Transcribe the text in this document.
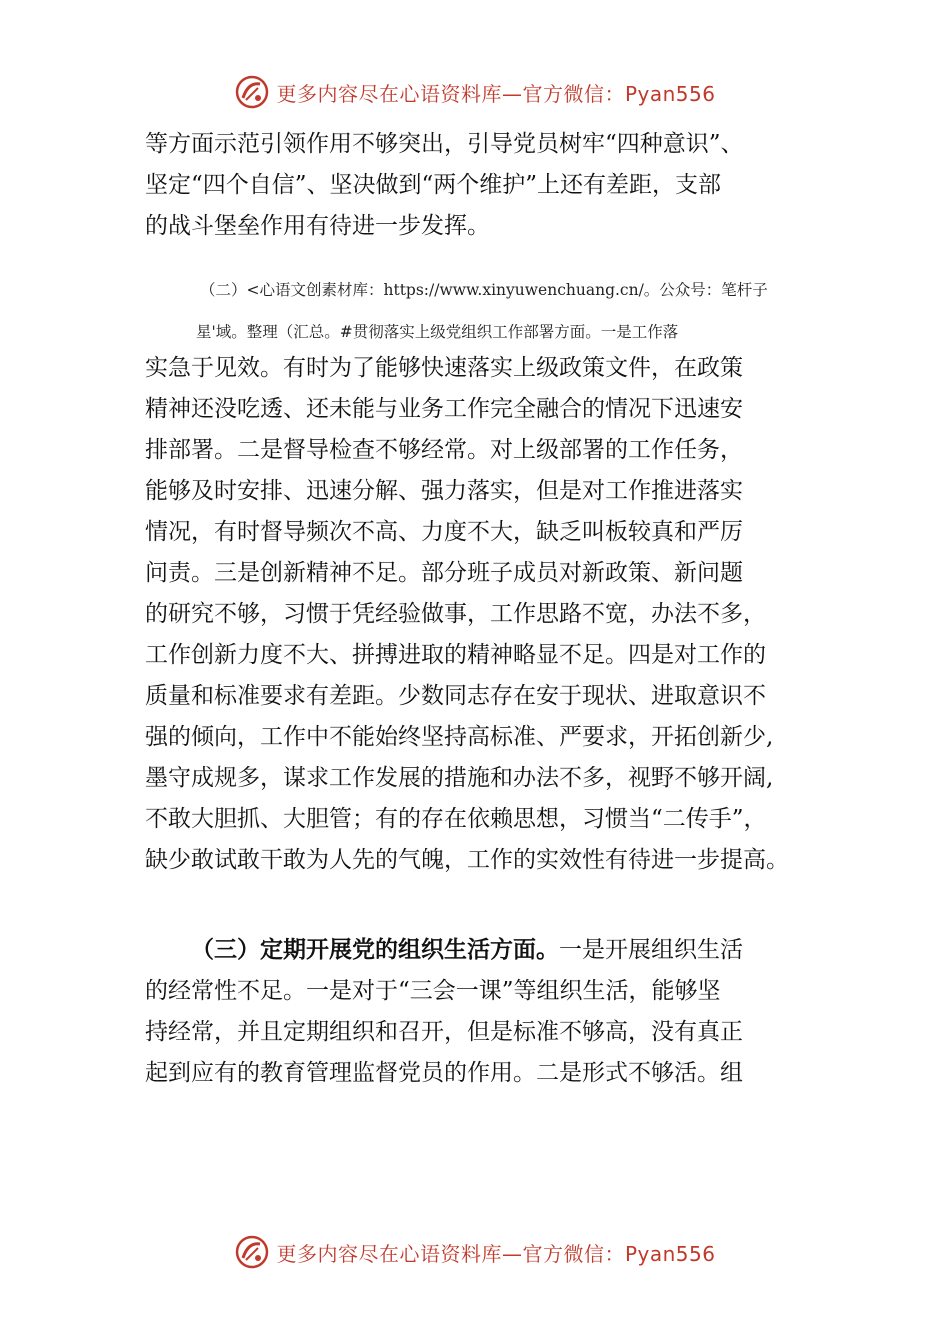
更多内容尽在心语资料库—官方微信：Pyan556
等方面示范引领作用不够突出，引导党员树牢“四种意识”、
坚定“四个自信”、坚决做到“两个维护”上还有差距，支部
的战斗堡垒作用有待进一步发挥。
（二）<心语文创素材库：https://www.xinyuwenchuang.cn/。公众号：笔杆子
星'域。整理（汇总。#贯彻落实上级党组织工作部署方面。一是工作落
实急于见效。有时为了能够快速落实上级政策文件，在政策
精神还没吃透、还未能与业务工作完全融合的情况下迅速安
排部署。二是督导检查不够经常。对上级部署的工作任务，
能够及时安排、迅速分解、强力落实，但是对工作推进落实
情况，有时督导频次不高、力度不大，缺乏叫板较真和严厉
问责。三是创新精神不足。部分班子成员对新政策、新问题
的研究不够，习惯于凭经验做事，工作思路不宽，办法不多，
工作创新力度不大、拼搏进取的精神略显不足。四是对工作的
质量和标准要求有差距。少数同志存在安于现状、进取意识不
强的倾向，工作中不能始终坚持高标准、严要求，开拓创新少,
墨守成规多，谋求工作发展的措施和办法不多，视野不够开阔,
不敢大胆抓、大胆管；有的存在依赖思想，习惯当“二传手”，
缺少敢试敢干敢为人先的气魄，工作的实效性有待进一步提高。
（三）定期开展党的组织生活方面。一是开展组织生活
的经常性不足。一是对于“三会一课”等组织生活，能够坚
持经常，并且定期组织和召开，但是标准不够高，没有真正
起到应有的教育管理监督党员的作用。二是形式不够活。组
更多内容尽在心语资料库—官方微信：Pyan556
